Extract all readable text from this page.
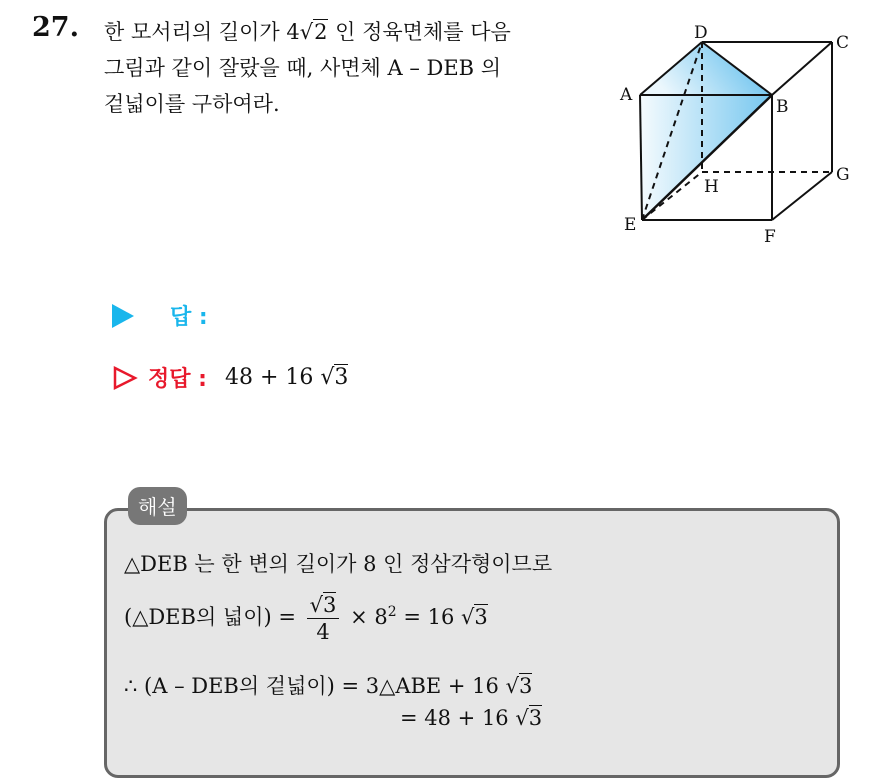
27. 한 모서리의 길이가 4√2 인 정육면체를 다음
그림과 같이 잘랐을 때, 사면체 A – DEB 의
겉넓이를 구하여라.
D	C
A
B
H
G
E
F
답 :
정답 : 48 + 16 √3
해설
△DEB 는 한 변의 길이가 8 인 정삼각형이므로
(△DEB의 넓이) = $\frac{√3}{4} \times 8^2 = 16$ √3
∴ (A – DEB의 겉넓이) = 3△ABE + 16 √3
= 48 + 16 √3
